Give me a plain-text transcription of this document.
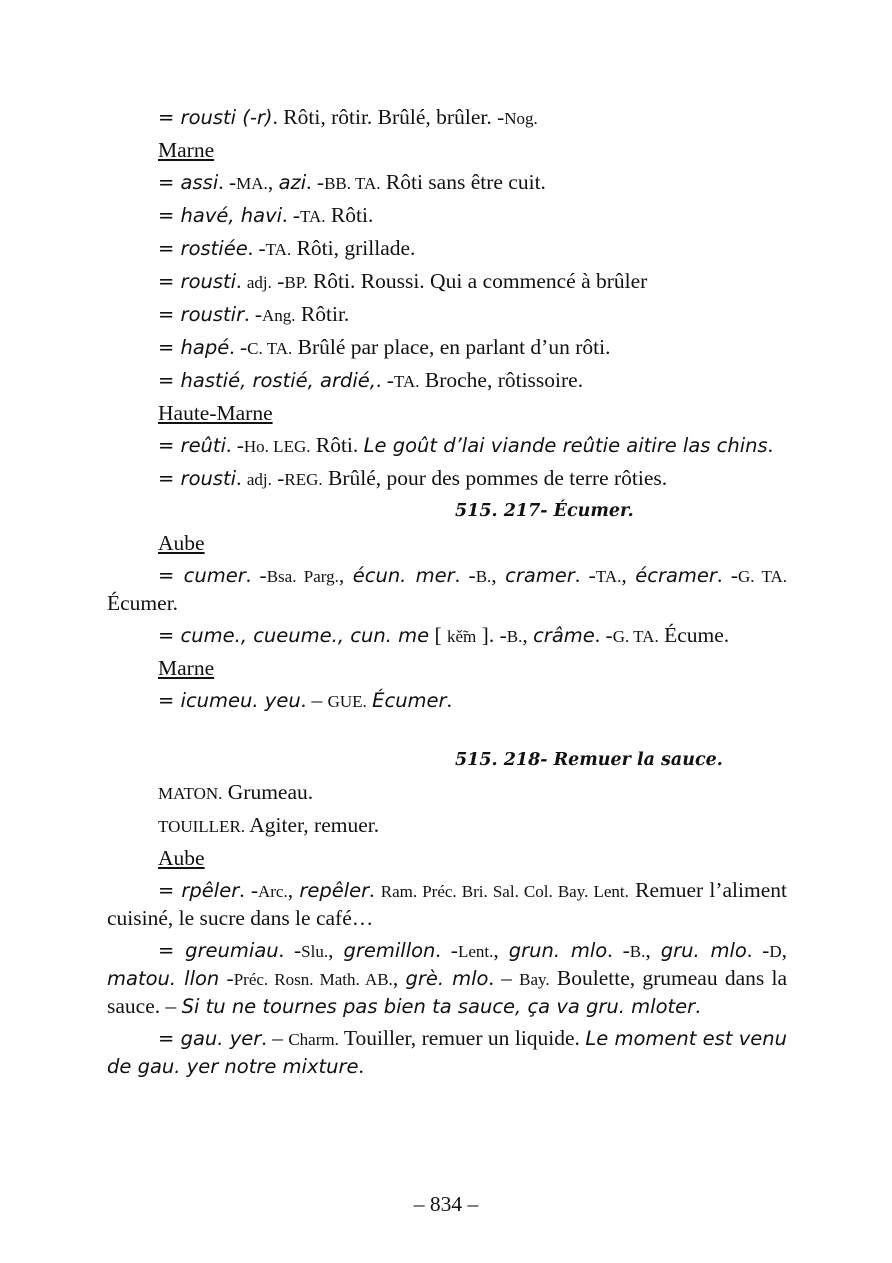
= rousti (-r). Rôti, rôtir. Brûlé, brûler. -Nog.

Marne

= assi. -MA., azi. -BB. TA. Rôti sans être cuit.

= havé, havi. -TA. Rôti.

= rostiée. -TA. Rôti, grillade.

= rousti. adj. -BP. Rôti. Roussi. Qui a commencé à brûler

= roustir. -Ang. Rôtir.

= hapé. -C. TA. Brûlé par place, en parlant d’un rôti.

= hastié, rostié, ardié,. -TA. Broche, rôtissoire.

Haute-Marne

= reûti. -Ho. LEG. Rôti. Le goût d’lai viande reûtie aitire las chins.

= rousti. adj. -REG. Brûlé, pour des pommes de terre rôties.

515. 217- Écumer.

Aube

= cumer. -Bsa. Parg., écun. mer. -B., cramer. -TA., écramer. -G. TA. Écumer.

= cume., cueume., cun. me [ kě̃m ]. -B., crâme. -G. TA. Écume.

Marne

= icumeu. yeu. – GUE. Écumer.

515. 218- Remuer la sauce.

MATON. Grumeau.

TOUILLER. Agiter, remuer.

Aube

= rpêler. -Arc., repêler. Ram. Préc. Bri. Sal. Col. Bay. Lent. Remuer l’aliment cuisiné, le sucre dans le café…

= greumiau. -Slu., gremillon. -Lent., grun. mlo. -B., gru. mlo. -D, matou. llon -Préc. Rosn. Math. AB., grè. mlo. – Bay. Boulette, grumeau dans la sauce. – Si tu ne tournes pas bien ta sauce, ça va gru. mloter.

= gau. yer. – Charm. Touiller, remuer un liquide. Le moment est venu de gau. yer notre mixture.

– 834 –
